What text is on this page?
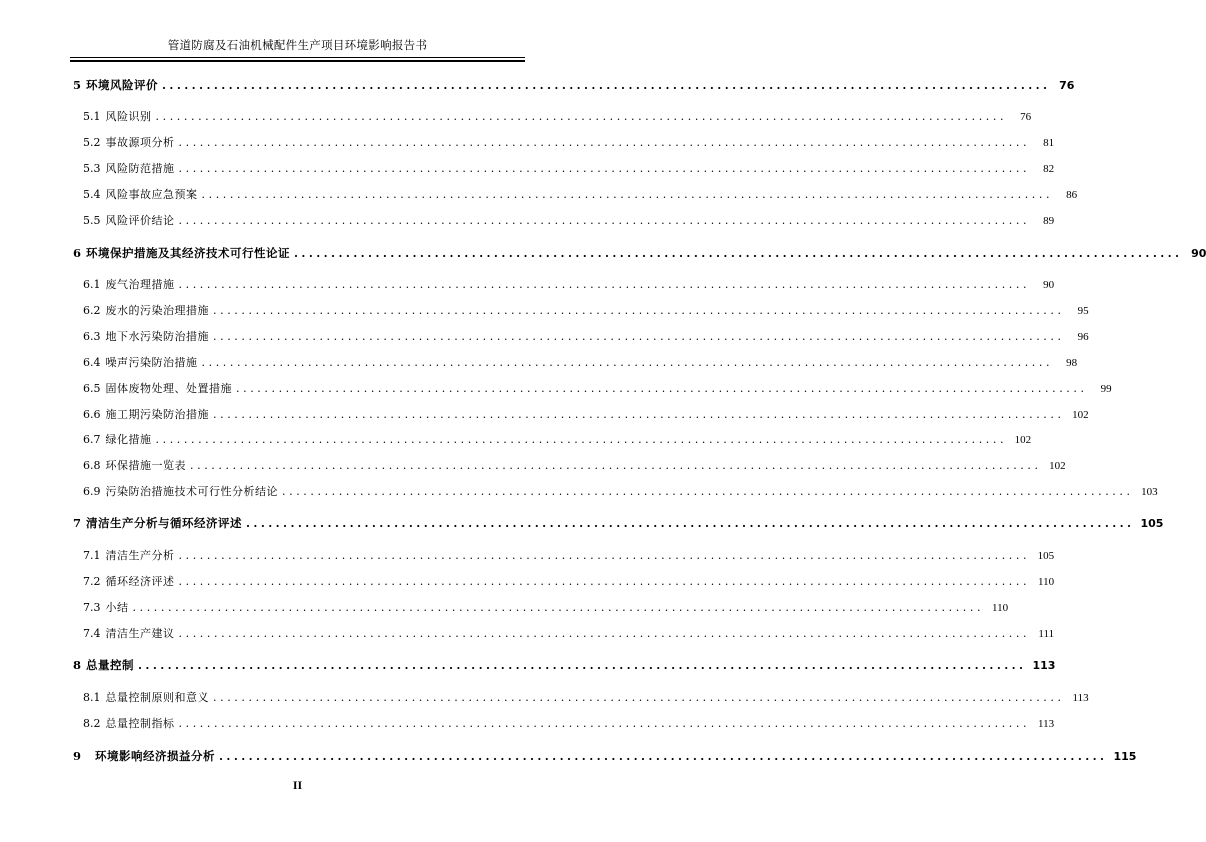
管道防腐及石油机械配件生产项目环境影响报告书
5 环境风险评价 ........................................................................................................................ 76
5.1 风险识别 ........................................................................................................................	76
5.2 事故源项分析 ........................................................................................................................	81
5.3 风险防范措施 ........................................................................................................................	82
5.4 风险事故应急预案 ........................................................................................................................	86
5.5 风险评价结论 ........................................................................................................................	89
6 环境保护措施及其经济技术可行性论证 ........................................................................................................................ 90
6.1 废气治理措施 ........................................................................................................................	90
6.2 废水的污染治理措施 ........................................................................................................................	95
6.3 地下水污染防治措施 ........................................................................................................................	96
6.4 噪声污染防治措施 ........................................................................................................................	98
6.5 固体废物处理、处置措施 ........................................................................................................................	99
6.6 施工期污染防治措施 ........................................................................................................................ 102
6.7 绿化措施 ........................................................................................................................ 102
6.8 环保措施一览表 ........................................................................................................................ 102
6.9 污染防治措施技术可行性分析结论 ........................................................................................................................ 103
7 清洁生产分析与循环经济评述 ........................................................................................................................ 105
7.1 清洁生产分析 ........................................................................................................................ 105
7.2 循环经济评述 ........................................................................................................................ 110
7.3 小结 ........................................................................................................................ 110
7.4 清洁生产建议 ........................................................................................................................ 111
8 总量控制 ........................................................................................................................ 113
8.1 总量控制原则和意义 ........................................................................................................................ 113
8.2 总量控制指标 ........................................................................................................................ 113
9 环境影响经济损益分析 ........................................................................................................................ 115
II
